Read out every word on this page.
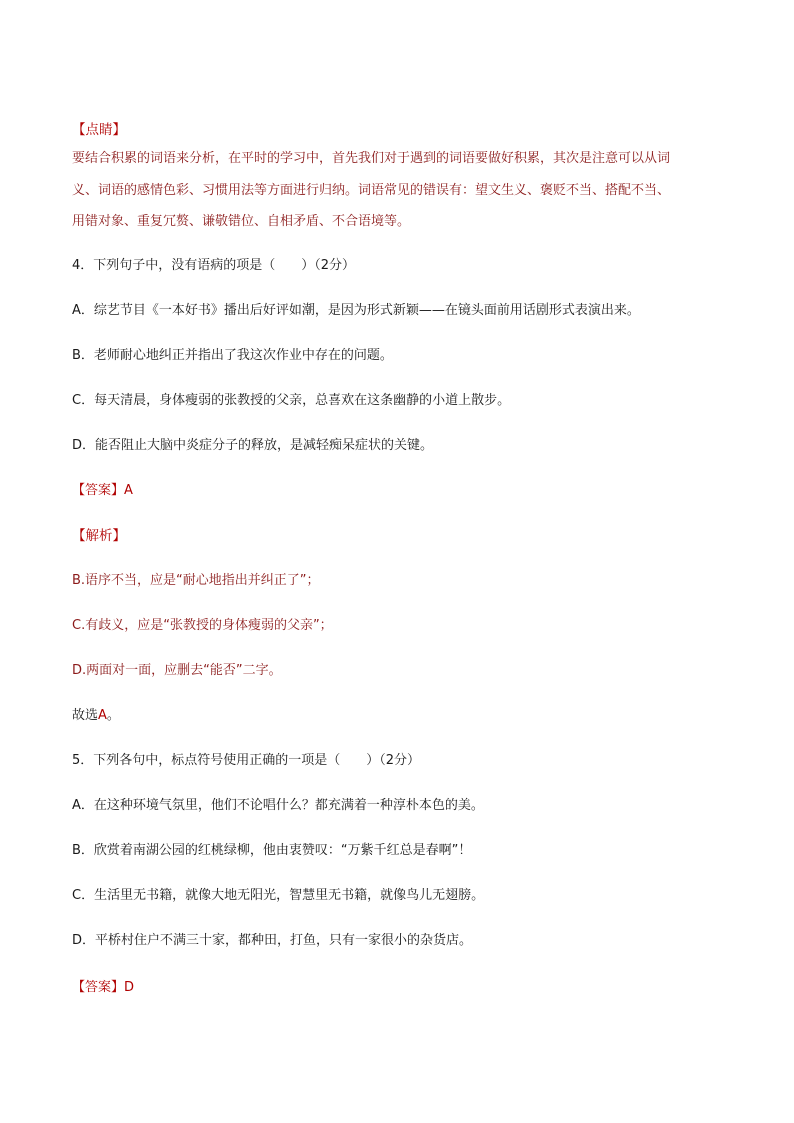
【点睛】
要结合积累的词语来分析，在平时的学习中，首先我们对于遇到的词语要做好积累，其次是注意可以从词
义、词语的感情色彩、习惯用法等方面进行归纳。词语常见的错误有：望文生义、褒贬不当、搭配不当、
用错对象、重复冗赘、谦敬错位、自相矛盾、不合语境等。
4．下列句子中，没有语病的项是（　　）（2分）
A．综艺节目《一本好书》播出后好评如潮，是因为形式新颖——在镜头面前用话剧形式表演出来。
B．老师耐心地纠正并指出了我这次作业中存在的问题。
C．每天清晨，身体瘦弱的张教授的父亲，总喜欢在这条幽静的小道上散步。
D．能否阻止大脑中炎症分子的释放，是减轻痴呆症状的关键。
【答案】A
【解析】
B.语序不当，应是“耐心地指出并纠正了”；
C.有歧义，应是“张教授的身体瘦弱的父亲”；
D.两面对一面，应删去“能否”二字。
故选A。
5．下列各句中，标点符号使用正确的一项是（　　）（2分）
A．在这种环境气氛里，他们不论唱什么？都充满着一种淳朴本色的美。
B．欣赏着南湖公园的红桃绿柳，他由衷赞叹：“万紫千红总是春啊”！
C．生活里无书籍，就像大地无阳光，智慧里无书籍，就像鸟儿无翅膀。
D．平桥村住户不满三十家，都种田，打鱼，只有一家很小的杂货店。
【答案】D
